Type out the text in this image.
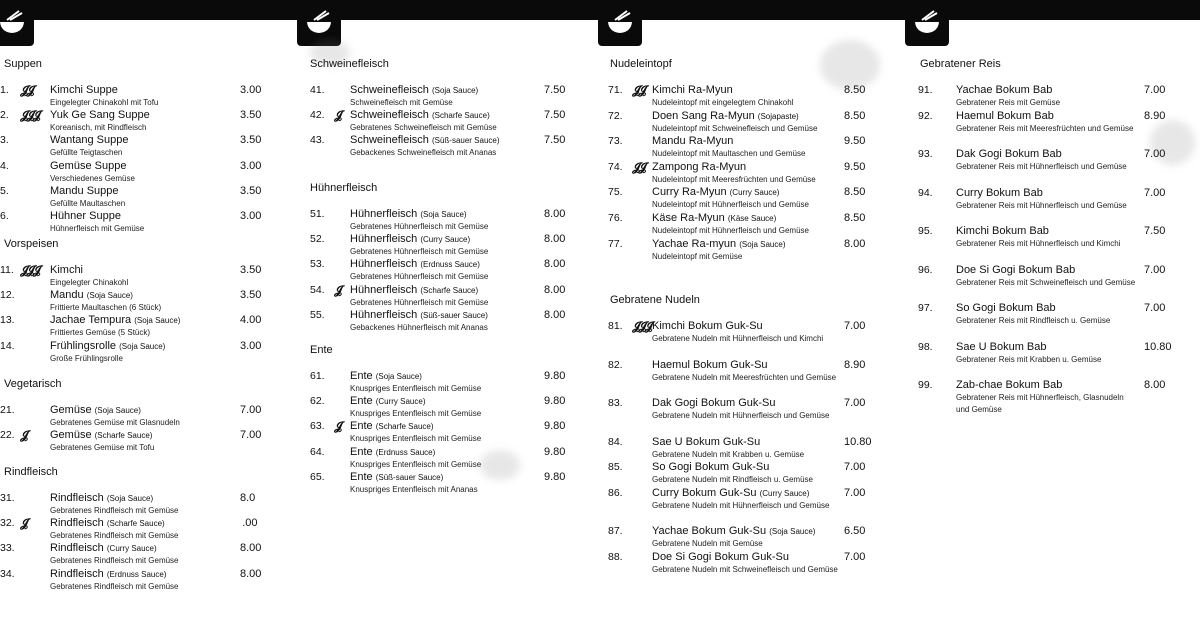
Suppen
1. 𝓙𝓙 Kimchi Suppe
Eingelegter Chinakohl mit Tofu
3.00
2. 𝓙𝓙𝓙 Yuk Ge Sang Suppe
Koreanisch, mit Rindfleisch
3.50
3.	Wantang Suppe
Gefüllte Teigtaschen
3.50
4.	Gemüse Suppe
Verschiedenes Gemüse
3.00
5.	Mandu Suppe
Gefüllte Maultaschen
3.50
6.	Hühner Suppe
Hühnerfleisch mit Gemüse
3.00
Vorspeisen
11. 𝓙𝓙𝓙 Kimchi
Eingelegter Chinakohl
3.50
12.	Mandu (Soja Sauce)
Frittierte Maultaschen (6 Stück)
3.50
13.	Jachae Tempura (Soja Sauce)
Frittiertes Gemüse (5 Stück)
4.00
14.	Frühlingsrolle (Soja Sauce)
Große Frühlingsrolle
3.00
Vegetarisch
21.	Gemüse (Soja Sauce)
Gebratenes Gemüse mit Glasnudeln
7.00
22. 𝓙 Gemüse (Scharfe Sauce)
Gebratenes Gemüse mit Tofu
7.00
Rindfleisch
31.	Rindfleisch (Soja Sauce)
Gebratenes Rindfleisch mit Gemüse
8.0 
32. 𝓙 Rindfleisch (Scharfe Sauce)
Gebratenes Rindfleisch mit Gemüse
 .00
33.	Rindfleisch (Curry Sauce)
Gebratenes Rindfleisch mit Gemüse
8.00
34.	Rindfleisch (Erdnuss Sauce)
Gebratenes Rindfleisch mit Gemüse
8.00
Schweinefleisch
41. Schweinefleisch (Soja Sauce)
Schweinefleisch mit Gemüse
7.50
42. 𝓙 Schweinefleisch (Scharfe Sauce)
Gebratenes Schweinefleisch mit Gemüse
7.50
43. Schweinefleisch (Süß-sauer Sauce)
Gebackenes Schweinefleisch mit Ananas
7.50
Hühnerfleisch
51. Hühnerfleisch (Soja Sauce)
Gebratenes Hühnerfleisch mit Gemüse
8.00
52. Hühnerfleisch (Curry Sauce)
Gebratenes Hühnerfleisch mit Gemüse
8.00
53. Hühnerfleisch (Erdnuss Sauce)
Gebratenes Hühnerfleisch mit Gemüse
8.00
54. 𝓙 Hühnerfleisch (Scharfe Sauce)
Gebratenes Hühnerfleisch mit Gemüse
8.00
55. Hühnerfleisch (Süß-sauer Sauce)
Gebackenes Hühnerfleisch mit Ananas
8.00
Ente
61. Ente (Soja Sauce)
Knuspriges Entenfleisch mit Gemüse
9.80
62. Ente (Curry Sauce)
Knuspriges Entenfleisch mit Gemüse
9.80
63. 𝓙 Ente (Scharfe Sauce)
Knuspriges Entenfleisch mit Gemüse
9.80
64. Ente (Erdnuss Sauce)
Knuspriges Entenfleisch mit Gemüse
9.80
65. Ente (Süß-sauer Sauce)
Knuspriges Entenfleisch mit Ananas
9.80
Nudeleintopf
71. 𝓙𝓙 Kimchi Ra-Myun
Nudeleintopf mit eingelegtem Chinakohl
8.50
72.	Doen Sang Ra-Myun (Sojapaste)
Nudeleintopf mit Schweinefleisch und Gemüse
8.50
73.	Mandu Ra-Myun
Nudeleintopf mit Maultaschen und Gemüse
9.50
74. 𝓙𝓙 Zampong Ra-Myun
Nudeleintopf mit Meeresfrüchten und Gemüse
9.50
75.	Curry Ra-Myun (Curry Sauce)
Nudeleintopf mit Hühnerfleisch und Gemüse
8.50
76.	Käse Ra-Myun (Käse Sauce)
Nudeleintopf mit Hühnerfleisch und Gemüse
8.50
77.	Yachae Ra-myun (Soja Sauce)
Nudeleintopf mit Gemüse
8.00
Gebratene Nudeln
81. 𝓙𝓙𝓙 Kimchi Bokum Guk-Su
Gebratene Nudeln mit Hühnerfleisch und Kimchi
7.00
82.	Haemul Bokum Guk-Su
Gebratene Nudeln mit Meeresfrüchten und Gemüse
8.90
83.	Dak Gogi Bokum Guk-Su
Gebratene Nudeln mit Hühnerfleisch und Gemüse
7.00
84.	Sae U Bokum Guk-Su
Gebratene Nudeln mit Krabben u. Gemüse
10.80
85.	So Gogi Bokum Guk-Su
Gebratene Nudeln mit Rindfleisch u. Gemüse
7.00
86.	Curry Bokum Guk-Su (Curry Sauce)
Gebratene Nudeln mit Hühnerfleisch und Gemüse
7.00
87.	Yachae Bokum Guk-Su (Soja Sauce)
Gebratene Nudeln mit Gemüse
6.50
88.	Doe Si Gogi Bokum Guk-Su
Gebratene Nudeln mit Schweinefleisch und Gemüse
7.00
Gebratener Reis
91. Yachae Bokum Bab
Gebratener Reis mit Gemüse
7.00
92. Haemul Bokum Bab
Gebratener Reis mit Meeresfrüchten und Gemüse
8.90
93. Dak Gogi Bokum Bab
Gebratener Reis mit Hühnerfleisch und Gemüse
7.00
94. Curry Bokum Bab
Gebratener Reis mit Hühnerfleisch und Gemüse
7.00
95. Kimchi Bokum Bab
Gebratener Reis mit Hühnerfleisch und Kimchi
7.50
96. Doe Si Gogi Bokum Bab
Gebratener Reis mit Schweinefleisch und Gemüse
7.00
97. So Gogi Bokum Bab
Gebratener Reis mit Rindfleisch u. Gemüse
7.00
98. Sae U Bokum Bab
Gebratener Reis mit Krabben u. Gemüse
10.80
99. Zab-chae Bokum Bab
Gebratener Reis mit Hühnerfleisch, Glasnudeln und Gemüse
8.00
